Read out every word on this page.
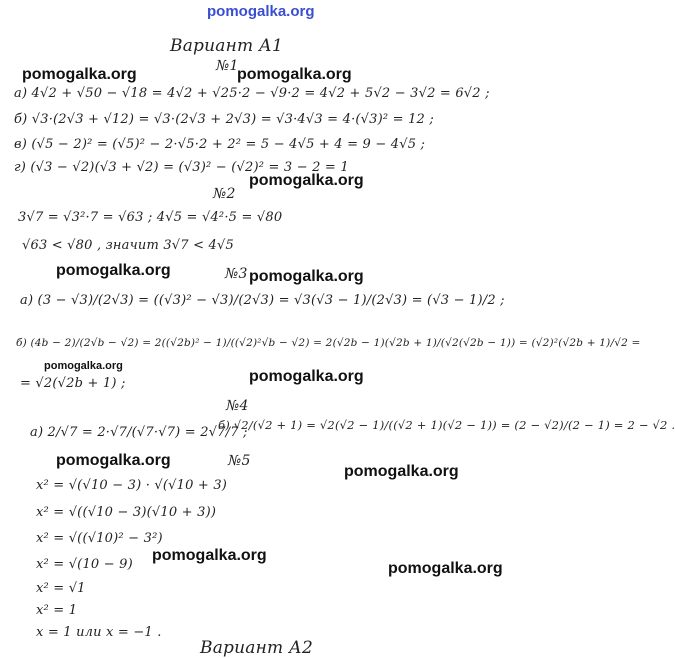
pomogalka.org
pomogalka.org	pomogalka.org
pomogalka.org
pomogalka.org	pomogalka.org
pomogalka.org
pomogalka.org
pomogalka.org
pomogalka.org
pomogalka.org
pomogalka.org
Вариант А1
№1
а) 4√2 + √50 − √18 = 4√2 + √25·2 − √9·2 = 4√2 + 5√2 − 3√2 = 6√2 ;
б) √3·(2√3 + √12) = √3·(2√3 + 2√3) = √3·4√3 = 4·(√3)² = 12 ;
в) (√5 − 2)² = (√5)² − 2·√5·2 + 2² = 5 − 4√5 + 4 = 9 − 4√5 ;
г) (√3 − √2)(√3 + √2) = (√3)² − (√2)² = 3 − 2 = 1
№2
3√7 = √3²·7 = √63 ; 4√5 = √4²·5 = √80
√63 < √80 , значит 3√7 < 4√5
№3
а) (3 − √3)/(2√3) = ((√3)² − √3)/(2√3) = √3(√3 − 1)/(2√3) = (√3 − 1)/2 ;
б) (4b − 2)/(2√b − √2) = 2((√2b)² − 1)/((√2)²√b − √2) = 2(√2b − 1)(√2b + 1)/(√2(√2b − 1)) = (√2)²(√2b + 1)/√2 =
= √2(√2b + 1) ;
№4
а) 2/√7 = 2·√7/(√7·√7) = 2√7/7 ;
б) √2/(√2 + 1) = √2(√2 − 1)/((√2 + 1)(√2 − 1)) = (2 − √2)/(2 − 1) = 2 − √2 .
№5
x² = √(√10 − 3) · √(√10 + 3)
x² = √((√10 − 3)(√10 + 3))
x² = √((√10)² − 3²)
x² = √(10 − 9)
x² = √1
x² = 1
x = 1 или x = −1 .
Вариант А2
